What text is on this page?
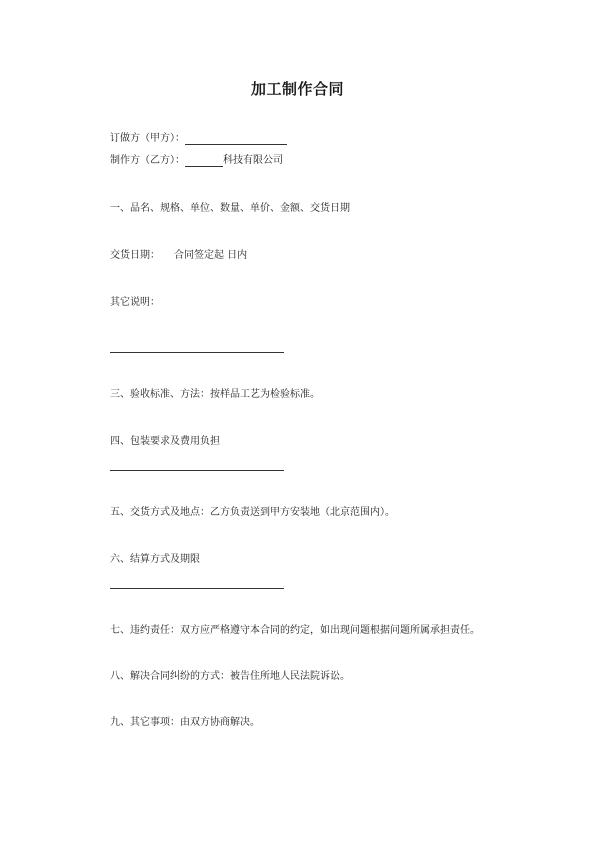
加工制作合同
订做方（甲方）：
制作方（乙方）：	科技有限公司
一、品名、规格、单位、数量、单价、金额、交货日期
交货日期： 合同签定起 日内
其它说明：
三、验收标准、方法：按样品工艺为检验标准。
四、包装要求及费用负担
五、交货方式及地点：乙方负责送到甲方安装地（北京范围内）。
六、结算方式及期限
七、违约责任：双方应严格遵守本合同的约定，如出现问题根据问题所属承担责任。
八、解决合同纠纷的方式：被告住所地人民法院诉讼。
九、其它事项：由双方协商解决。
